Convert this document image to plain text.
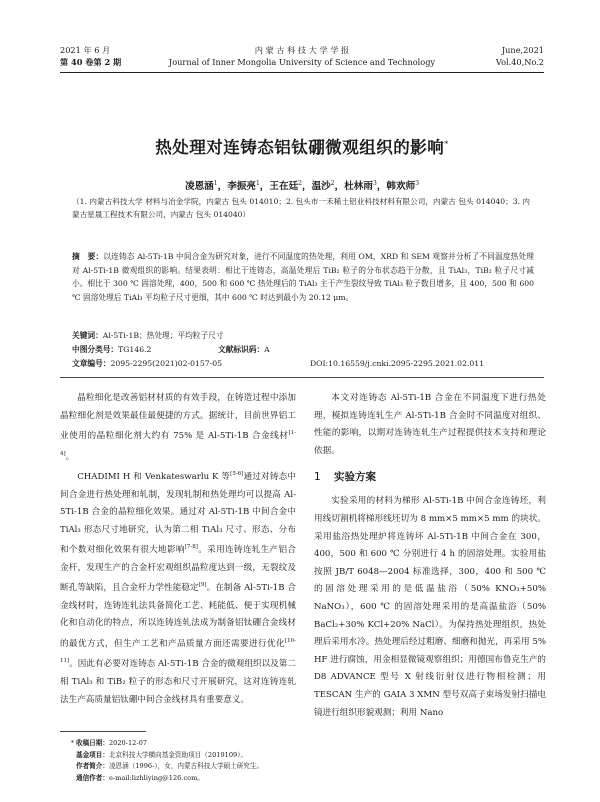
2021 年 6 月
第 40 卷第 2 期
内 蒙 古 科 技 大 学 学 报
Journal of Inner Mongolia University of Science and Technology
June,2021
Vol.40,No.2
热处理对连铸态铝钛硼微观组织的影响*
凌恩涵$^1$，李振亮$^1$，王在廷$^2$，温沙$^2$，杜林雨$^3$，韩欢师$^3$
（1. 内蒙古科技大学 材料与冶金学院，内蒙古 包头 014010；2. 包头市一禾稀土铝业科技材料有限公司，内蒙古 包头 014040；3. 内蒙古星晟工程技术有限公司，内蒙古 包头 014040）
摘　要：以连铸态 Al-5Ti-1B 中间合金为研究对象，进行不同温度的热处理，利用 OM，XRD 和 SEM 观察并分析了不同温度热处理对 Al-5Ti-1B 微观组织的影响。结果表明：相比于连铸态，高温处理后 TiB₂ 粒子的分布状态趋于分散，且 TiAl₃，TiB₂ 粒子尺寸减小。相比于 300 ℃ 固溶处理，400，500 和 600 ℃ 热处理后的 TiAl₃ 主于产生裂纹导致 TiAl₃ 粒子数目增多，且 400，500 和 600 ℃ 固溶处理后 TiAl₃ 平均粒子尺寸更细，其中 600 ℃ 时达到最小为 20.12 μm。
关键词：Al-5Ti-1B；热处理；平均粒子尺寸
中图分类号：TG146.2	文献标识码：A
文章编号：2095-2295(2021)02-0157-05	DOI:10.16559/j.cnki.2095-2295.2021.02.011

晶粒细化是改善铝材材质的有效手段，在铸造过程中添加晶粒细化剂是效果最佳最便捷的方式。据统计，目前世界铝工业使用的晶粒细化剂大约有 75% 是 Al-5Ti-1B 合金线材[1-4]。

CHADIMI H 和 Venkateswarlu K 等[5-6]通过对铸态中间合金进行热处理和轧制，发现轧制和热处理均可以提高 Al-5Ti-1B 合金的晶粒细化效果。通过对 Al-5Ti-1B 中间合金中 TiAl₃ 形态尺寸地研究，认为第二相 TiAl₃ 尺寸、形态、分布和个数对细化效果有很大地影响[7-8]。采用连铸连轧生产铝合金杆，发现生产的合金杆宏观组织晶粒度达到一级，无裂纹及断孔等缺陷，且合金杆力学性能稳定[9]。在制备 Al-5Ti-1B 合金线材时，连铸连轧法具备简化工艺、耗能低、便于实现机械化和自动化的特点，所以连铸连轧法成为制备铝钛硼合金线材的最优方式，但生产工艺和产品质量方面还需要进行优化[10-11]。因此有必要对连铸态 Al-5Ti-1B 合金的微观组织以及第二相 TiAl₃ 和 TiB₂ 粒子的形态和尺寸开展研究，这对连铸连轧法生产高质量铝钛硼中间合金线材具有重要意义。

本文对连铸态 Al-5Ti-1B 合金在不同温度下进行热处理，模拟连铸连轧生产 Al-5Ti-1B 合金时不同温度对组织、性能的影响，以期对连铸连轧生产过程提供技术支持和理论依据。

1 实验方案

实验采用的材料为梯形 Al-5Ti-1B 中间合金连铸坯，利用线切割机将梯形线坯切为 8 mm×5 mm×5 mm 的块状。采用盐浴热处理炉将连铸坏 Al-5Ti-1B 中间合金在 300，400，500 和 600 ℃ 分别进行 4 h 的固溶处理。实验用盐按照 JB/T 6048—2004 标准选择，300，400 和 500 ℃ 的固溶处理采用的是低温盐浴（50% KNO₃+50% NaNO₃），600 ℃ 的固溶处理采用的是高温盐浴（50% BaCl₂+30% KCl+20% NaCl）。为保持热处理组织，热处理后采用水冷。热处理后经过粗磨、细磨和抛光，再采用 5% HF 进行腐蚀，用金相显微镜观察组织；用德国布鲁克生产的 D8 ADVANCE 型号 X 射线衍射仪进行物相检测；用 TESCAN 生产的 GAIA 3 XMN 型号双高子束场发射扫描电镜进行组织形貌观测；利用 Nano

* 收稿日期：2020-12-07
基金项目：北京科技大学横向基金资助项目（2019109）。
作者简介：凌恩涵（1996-），女，内蒙古科技大学硕士研究生。
通信作者：e-mail:lizhliying@126.com。
